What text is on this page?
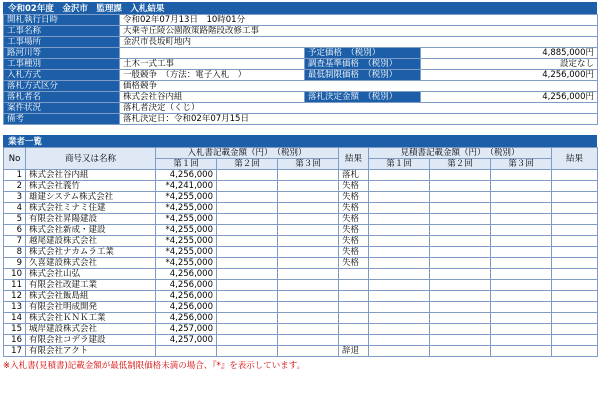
令和02年度　金沢市　監理課　入札結果
開札執行日時	令和02年07月13日　10時01分		
工事名称	大乗寺丘陵公園散策路階段改修工事		
工事場所	金沢市長坂町地内		
路河川等		予定価格　（税別）	4,885,000円
工事種別	土木一式工事	調査基準価格　（税別）	設定なし
入札方式	一般競争　（方法：電子入札　）	最低制限価格　（税別）	4,256,000円
落札方式区分	価格競争		
落札者名	株式会社谷内組	落札決定金額　（税別）	4,256,000円
案件状況	落札者決定（くじ）		
備考	落札決定日：令和02年07月15日		
業者一覧
No	商号又は名称	入札書記載金額（円）　（税別）			結果	見積書記載金額（円）　（税別）			結果
		第１回	第２回	第３回		第１回	第２回	第３回	
1	株式会社谷内組	4,256,000			落札				
2	株式会社義竹	*4,241,000			失格				
3	雄建システム株式会社	*4,255,000			失格				
4	株式会社ミナミ住建	*4,255,000			失格				
5	有限会社昇陽建設	*4,255,000			失格				
6	株式会社新成・建設	*4,255,000			失格				
7	越尾建設株式会社	*4,255,000			失格				
8	株式会社ナカムラ工業	*4,255,000			失格				
9	久喜建設株式会社	*4,255,000			失格				
10	株式会社山弘	4,256,000							
11	有限会社改建工業	4,256,000							
12	株式会社飯島組	4,256,000							
13	有限会社明成開発	4,256,000							
14	株式会社ＫＮＫ工業	4,256,000							
15	城岸建設株式会社	4,257,000							
16	有限会社コデラ建設	4,257,000							
17	有限会社アクト				辞退				
※入札書(見積書)記載金額が最低制限価格未満の場合、『*』を表示しています。
